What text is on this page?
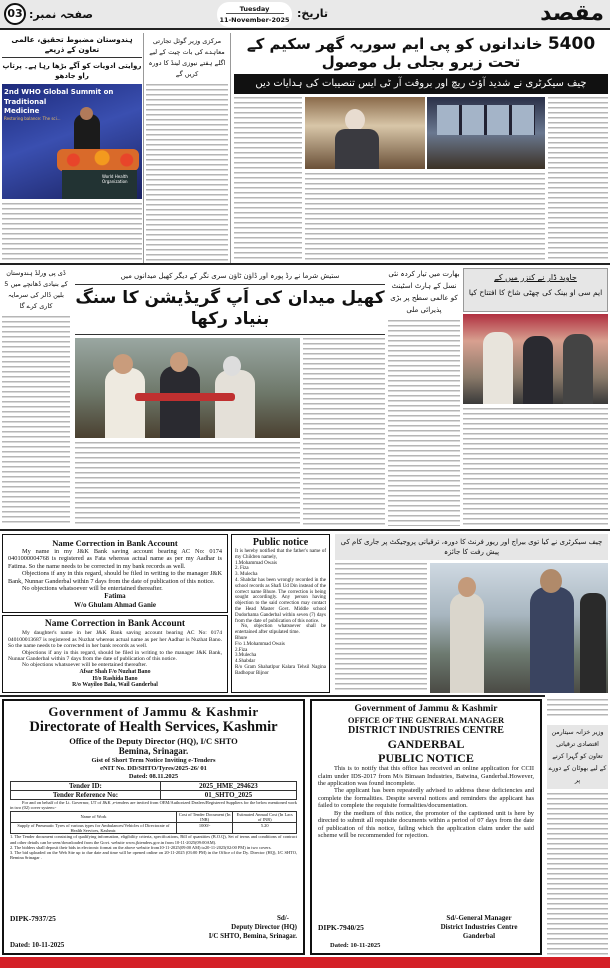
مقصد
Tuesday
11-November-2025 تاریخ:
03 صفحہ نمبر:
ہندوستان مضبوط تحقیق، عالمی تعاون کے ذریعے
روایتی ادویات کو آگے بڑھا رہا ہے۔ پرتاپ راو جادھو
2nd WHO Global Summit on
Traditional Medicine
Restoring balance: The sci...
World Health Organization
مرکزی وزیر گوئل تجارتی معاہدے کی بات چیت کے لیے اگلے ہفتے نیوزی لینڈ کا دورہ کریں گے
5400 خاندانوں کو پی ایم سوریہ گھر سکیم کے تحت زیرو بجلی بل موصول
چیف سیکرٹری نے شدید آؤٹ ریچ اور بروقت آر ٹی ایس تنصیبات کی ہدایات دیں
ڈی پی ورلڈ ہندوستان کے بنیادی ڈھانچے میں 5 بلین ڈالر کی سرمایہ کاری کرے گا
ستیش شرما نے رڈ پورہ اور ڈاؤن ٹاؤن سری نگر کے دیگر کھیل میدانوں میں
کھیل میدان کی اَپ گریڈیشن کا سنگ بنیاد رکھا
بھارت میں تیار کردہ نئی نسل کے ہارٹ اسٹینٹ کو عالمی سطح پر بڑی پذیرائی ملی
جاوید ڈار نے کنزر میں کے
ایم سی او بینک کی چھٹی شاخ کا افتتاح کیا
Name Correction in Bank Account

My name in my J&K Bank saving account bearing AC No: 0174 0401000004768 is registered as Fata whereas actual name as per my Aadhar is Fatima. So the name needs to be corrected in my bank records as well.

Objections if any in this regard, should be filed in writing to the manager J&K Bank, Nunnar Ganderbal within 7 days from the date of publication of this notice.

No objections whatsoever will be entertained thereafter.

Fatima
W/o Ghulam Ahmad Ganie
Name Correction in Bank Account

My daughter's name in her J&K Bank saving account bearing AC No: 0174 040100013687 is registered as Nuzhat whereas actual name as per her Aadhar is Nuzhat Bano. So the name needs to be corrected in her bank records as well.

Objections if any in this regard, should be filed in writing to the manager J&K Bank, Nunnar Ganderbal within 7 days from the date of publication of this notice.

No objections whatsoever will be entertained thereafter.

Afsar Shah F/o Nuzhat Bano
H/o Rashida Bano
R/o Wayiloo Bala, Wail Ganderbal
Public notice

It is hereby notified that the father's name of my Children namely,

1.Mohammad Owais

2. Fiza

3. Mulecha

4. Shabdar has been wrongly recorded in the school records as Shafi Ud Din instead of the correct name Bhure. The correction is being sought accordingly. Any person having objection to the said correction may contact the Head Master Govt. Middle school Dudorhama Ganderbal within seven (7) days from the date of publication of this notice.

No, objection whatsoever shall be entertained after stipulated time.

Bhure

F/o 1.Mohammad Owais

2.Fiza

3.Mulecha

4.Shabdar

R/o Gram Shahatlpur Kalara Tehsil Nagina Badhopur Bijnor

چیف سیکرٹری نے کیا توی بیراج اور ریور فرنٹ کا دورہ، ترقیاتی پروجیکٹ پر جاری کام کی پیش رفت کا جائزہ
Government of Jammu & Kashmir
Directorate of Health Services, Kashmir
Office of the Deputy Director (HQ), I/C SHTO
Bemina, Srinagar.
Gist of Short Term Notice Inviting e-Tenders
eNIT No. DD/SHTO/Tyres/2025-26/ 01
Dated: 08.11.2025
Tender ID:	2025_HME_294623
Tender Reference No:	01_SHTO_2025

For and on behalf of the Lt. Governor, UT of J&K ,e-tenders are invited from OEM/Authorized Dealers/Registered Suppliers for the below mentioned work in two (02) cover system:-

Name of Work	Cost of Tender Document (In INR)	Estimated Annual Cost (In Lacs of INR)
Supply of Pneumatic Tyres of various types for Ambulances/Vehicles of Directorate of Health Services, Kashmir.	1000/-	5.20

1. The Tender document consisting of qualifying information, eligibility criteria, specifications, Bill of quantities (B.O.Q), Set of terms and conditions of contract and other details can be seen/downloaded from the Govt. website www.jktenders.gov.in from 10-11-2025(09:00AM).

2. The bidders shall deposit their bids in electronic format on the above website from10-11-2025(09:00 AM) to20-11-2025(02:00 PM) in two covers.

3. The bid uploaded on the Web Site up to due date and time will be opened online on 20-11-2025 (03:00 PM) in the Office of the Dy. Director (HQ), I/C SHTO, Bemina Srinagar .

DIPK-7937/25	Sd/-
Deputy Director (HQ)
I/C SHTO, Bemina, Srinagar.
Dated: 10-11-2025
Government of Jammu & Kashmir
OFFICE OF THE GENERAL MANAGER
DISTRICT INDUSTRIES CENTRE
GANDERBAL
PUBLIC NOTICE

This is to notify that this office has received an online application for CCII claim under IDS-2017 from M/s Bimaan Industries, Batwina, Ganderbal.However, the application was found incomplete.

The applicant has been repeatedly advised to address these deficiencies and complete the formalities. Despite several notices and reminders the applicant has failed to complete the requisite formalities/documentation.

By the medium of this notice, the promoter of the captioned unit is here by directed to submit all requisite documents within a period of 07 days from the date of publication of this notice, failing which the application claim under the said scheme will be recommended for rejection.

DIPK-7940/25
Sd/-General Manager
District Industries Centre
Ganderbal
Dated: 10-11-2025
وزیر خزانہ سیتارمن اقتصادی ترقیاتی تعاون کو گہرا کرنے کے لیے بھوٹان کے دورے پر
